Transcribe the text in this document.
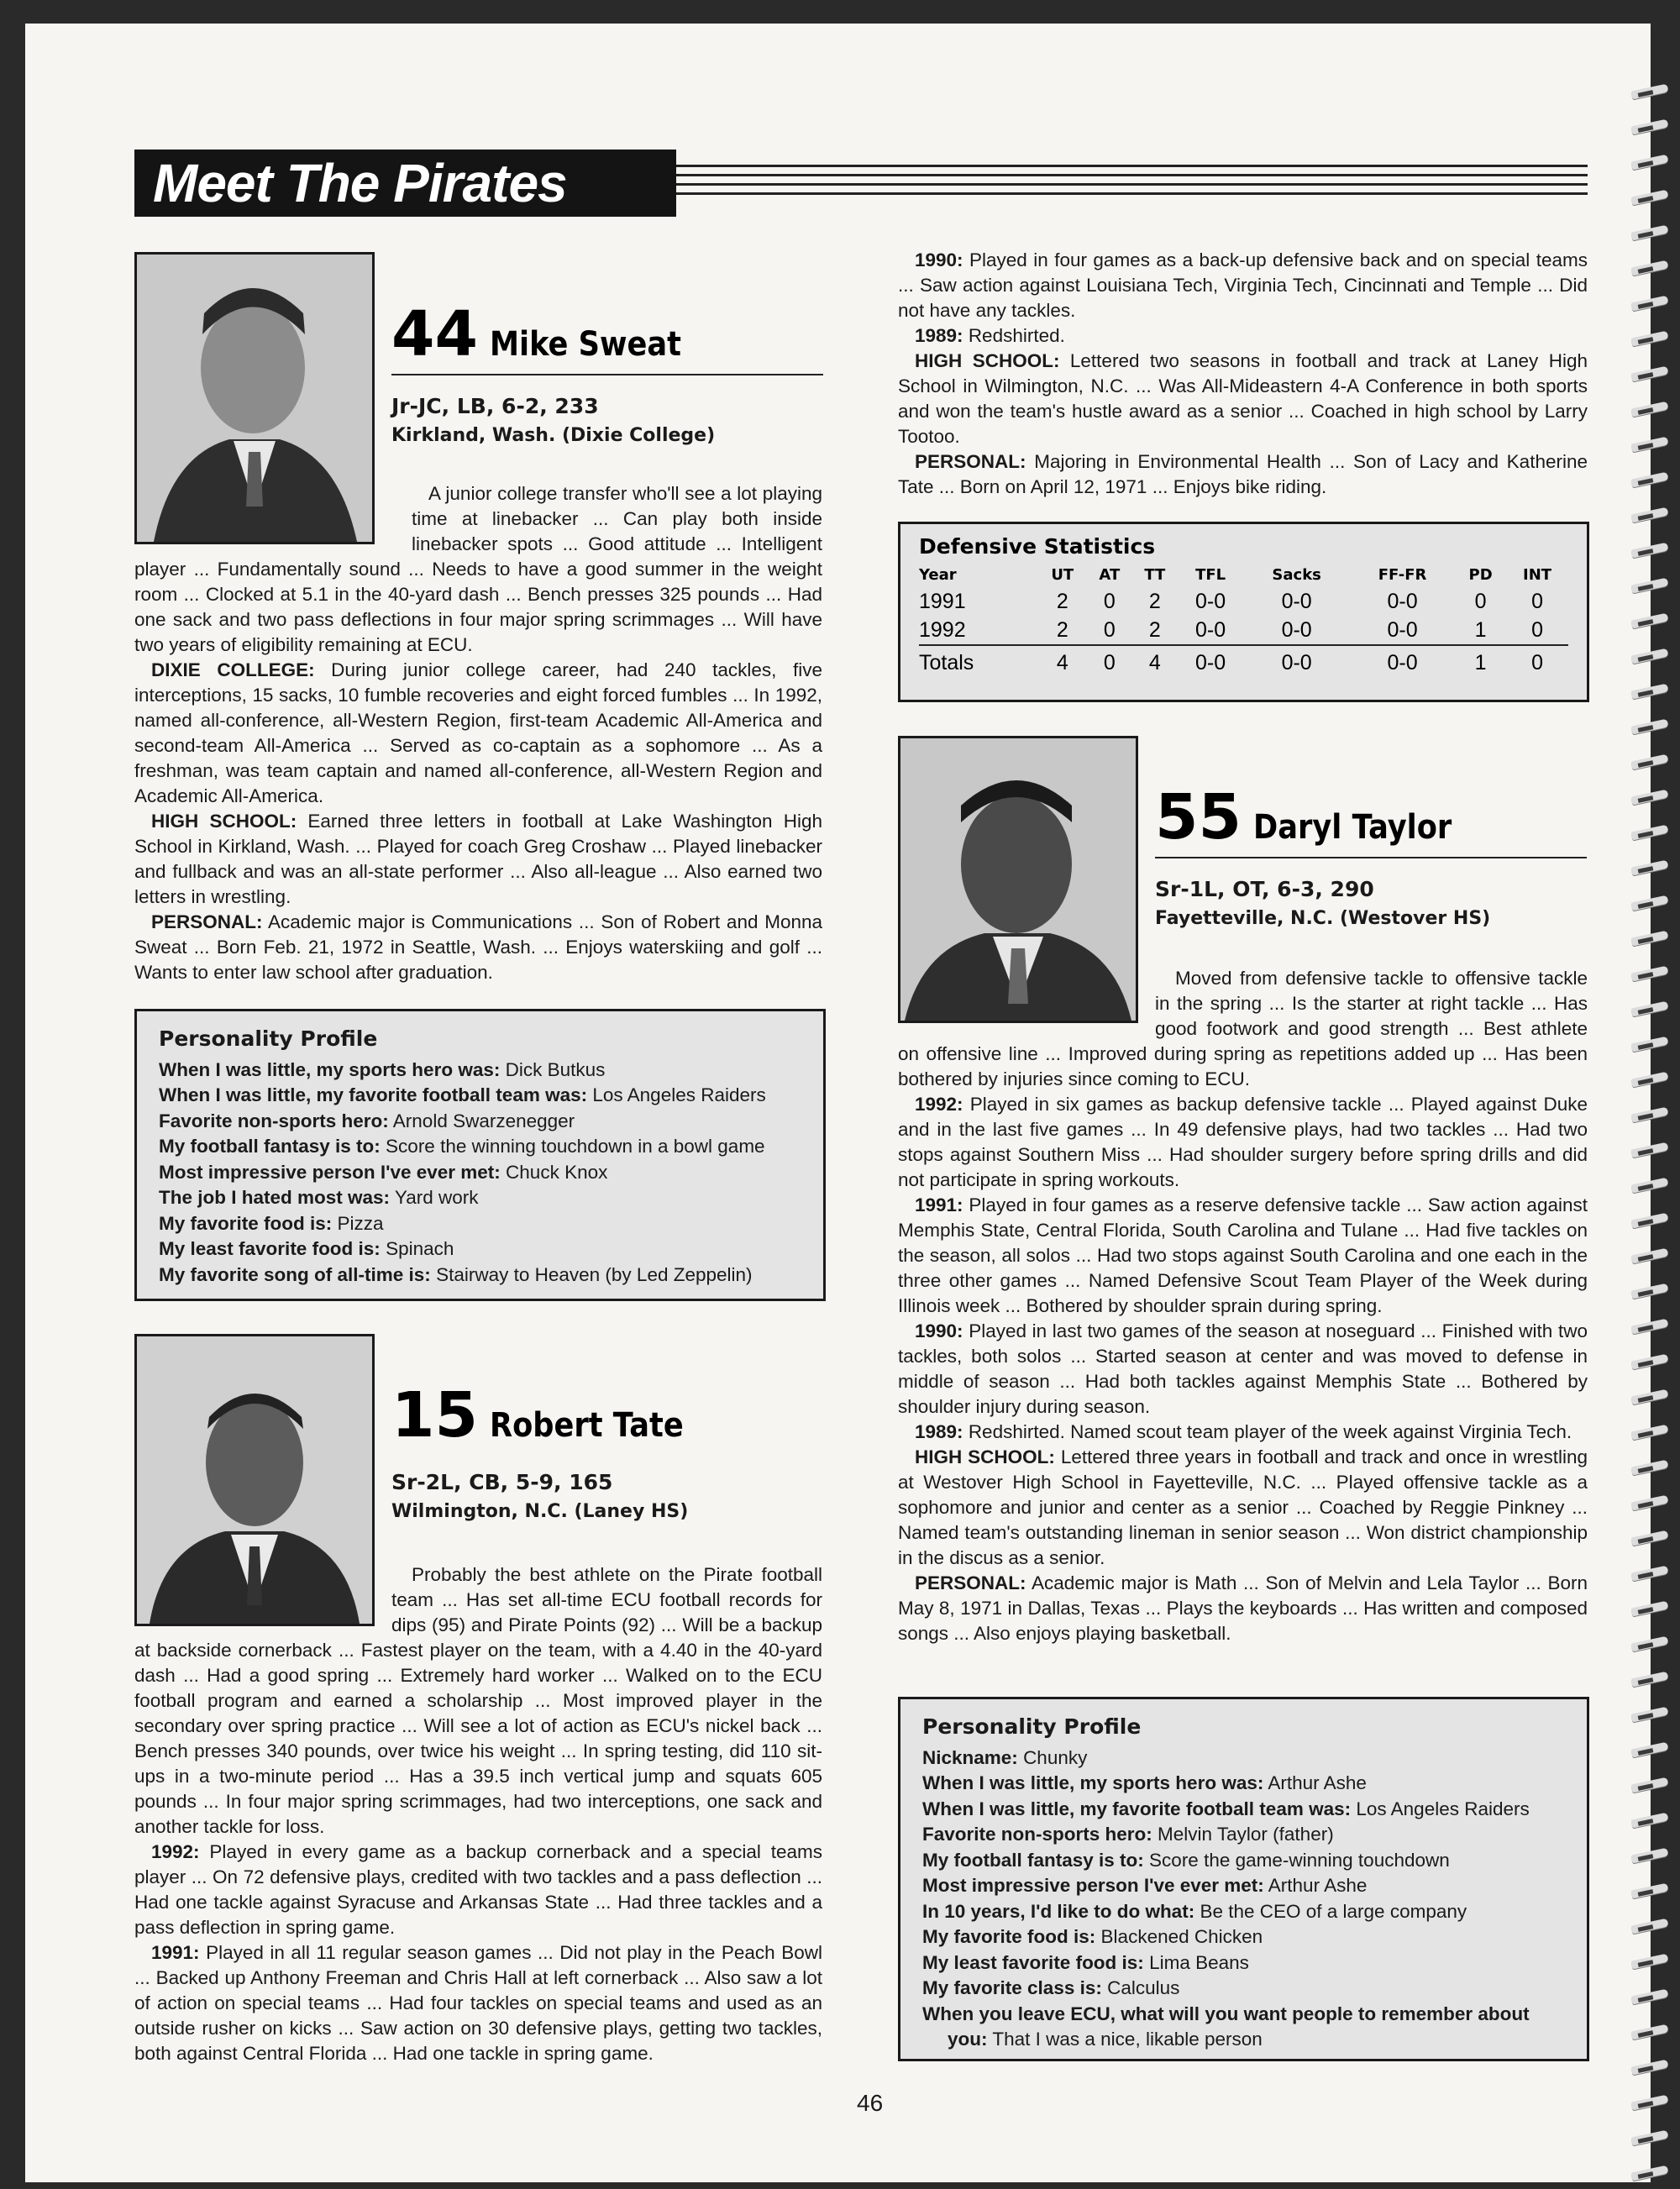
Meet The Pirates
44 Mike Sweat
Jr-JC, LB, 6-2, 233
Kirkland, Wash. (Dixie College)

A junior college transfer who'll see a lot playing

time at linebacker ... Can play both inside

linebacker spots ... Good attitude ... Intelligent

player ... Fundamentally sound ... Needs to have a good summer in the weight room ... Clocked at 5.1 in the 40-yard dash ... Bench presses 325 pounds ... Had one sack and two pass deflections in four major spring scrimmages ... Will have two years of eligibility remaining at ECU.

DIXIE COLLEGE: During junior college career, had 240 tackles, five interceptions, 15 sacks, 10 fumble recoveries and eight forced fumbles ... In 1992, named all-conference, all-Western Region, first-team Academic All-America and second-team All-America ... Served as co-captain as a sophomore ... As a freshman, was team captain and named all-conference, all-Western Region and Academic All-America.

HIGH SCHOOL: Earned three letters in football at Lake Washington High School in Kirkland, Wash. ... Played for coach Greg Croshaw ... Played linebacker and fullback and was an all-state performer ... Also all-league ... Also earned two letters in wrestling.

PERSONAL: Academic major is Communications ... Son of Robert and Monna Sweat ... Born Feb. 21, 1972 in Seattle, Wash. ... Enjoys waterskiing and golf ... Wants to enter law school after graduation.

Personality Profile
When I was little, my sports hero was: Dick Butkus
When I was little, my favorite football team was: Los Angeles Raiders
Favorite non-sports hero: Arnold Swarzenegger
My football fantasy is to: Score the winning touchdown in a bowl game
Most impressive person I've ever met: Chuck Knox
The job I hated most was: Yard work
My favorite food is: Pizza
My least favorite food is: Spinach
My favorite song of all-time is: Stairway to Heaven (by Led Zeppelin)
15 Robert Tate
Sr-2L, CB, 5-9, 165
Wilmington, N.C. (Laney HS)

Probably the best athlete on the Pirate football

team ... Has set all-time ECU football records for

dips (95) and Pirate Points (92) ... Will be a backup

at backside cornerback ... Fastest player on the team, with a 4.40 in the 40-yard dash ... Had a good spring ... Extremely hard worker ... Walked on to the ECU football program and earned a scholarship ... Most improved player in the secondary over spring practice ... Will see a lot of action as ECU's nickel back ... Bench presses 340 pounds, over twice his weight ... In spring testing, did 110 sit-ups in a two-minute period ... Has a 39.5 inch vertical jump and squats 605 pounds ... In four major spring scrimmages, had two interceptions, one sack and another tackle for loss.

1992: Played in every game as a backup cornerback and a special teams player ... On 72 defensive plays, credited with two tackles and a pass deflection ... Had one tackle against Syracuse and Arkansas State ... Had three tackles and a pass deflection in spring game.

1991: Played in all 11 regular season games ... Did not play in the Peach Bowl ... Backed up Anthony Freeman and Chris Hall at left cornerback ... Also saw a lot of action on special teams ... Had four tackles on special teams and used as an outside rusher on kicks ... Saw action on 30 defensive plays, getting two tackles, both against Central Florida ... Had one tackle in spring game.

1990: Played in four games as a back-up defensive back and on special teams ... Saw action against Louisiana Tech, Virginia Tech, Cincinnati and Temple ... Did not have any tackles.

1989: Redshirted.

HIGH SCHOOL: Lettered two seasons in football and track at Laney High School in Wilmington, N.C. ... Was All-Mideastern 4-A Conference in both sports and won the team's hustle award as a senior ... Coached in high school by Larry Tootoo.

PERSONAL: Majoring in Environmental Health ... Son of Lacy and Katherine Tate ... Born on April 12, 1971 ... Enjoys bike riding.

Defensive Statistics
Year	UT	AT	TT	TFL	Sacks	FF-FR	PD	INT
1991	2	0	2	0-0	0-0	0-0	0	0
1992	2	0	2	0-0	0-0	0-0	1	0
Totals	4	0	4	0-0	0-0	0-0	1	0
55 Daryl Taylor
Sr-1L, OT, 6-3, 290
Fayetteville, N.C. (Westover HS)

Moved from defensive tackle to offensive tackle

in the spring ... Is the starter at right tackle ... Has

good footwork and good strength ... Best athlete

on offensive line ... Improved during spring as repetitions added up ... Has been bothered by injuries since coming to ECU.

1992: Played in six games as backup defensive tackle ... Played against Duke and in the last five games ... In 49 defensive plays, had two tackles ... Had two stops against Southern Miss ... Had shoulder surgery before spring drills and did not participate in spring workouts.

1991: Played in four games as a reserve defensive tackle ... Saw action against Memphis State, Central Florida, South Carolina and Tulane ... Had five tackles on the season, all solos ... Had two stops against South Carolina and one each in the three other games ... Named Defensive Scout Team Player of the Week during Illinois week ... Bothered by shoulder sprain during spring.

1990: Played in last two games of the season at noseguard ... Finished with two tackles, both solos ... Started season at center and was moved to defense in middle of season ... Had both tackles against Memphis State ... Bothered by shoulder injury during season.

1989: Redshirted. Named scout team player of the week against Virginia Tech.

HIGH SCHOOL: Lettered three years in football and track and once in wrestling at Westover High School in Fayetteville, N.C. ... Played offensive tackle as a sophomore and junior and center as a senior ... Coached by Reggie Pinkney ... Named team's outstanding lineman in senior season ... Won district championship in the discus as a senior.

PERSONAL: Academic major is Math ... Son of Melvin and Lela Taylor ... Born May 8, 1971 in Dallas, Texas ... Plays the keyboards ... Has written and composed songs ... Also enjoys playing basketball.

Personality Profile
Nickname: Chunky
When I was little, my sports hero was: Arthur Ashe
When I was little, my favorite football team was: Los Angeles Raiders
Favorite non-sports hero: Melvin Taylor (father)
My football fantasy is to: Score the game-winning touchdown
Most impressive person I've ever met: Arthur Ashe
In 10 years, I'd like to do what: Be the CEO of a large company
My favorite food is: Blackened Chicken
My least favorite food is: Lima Beans
My favorite class is: Calculus
When you leave ECU, what will you want people to remember about you: That I was a nice, likable person
46
